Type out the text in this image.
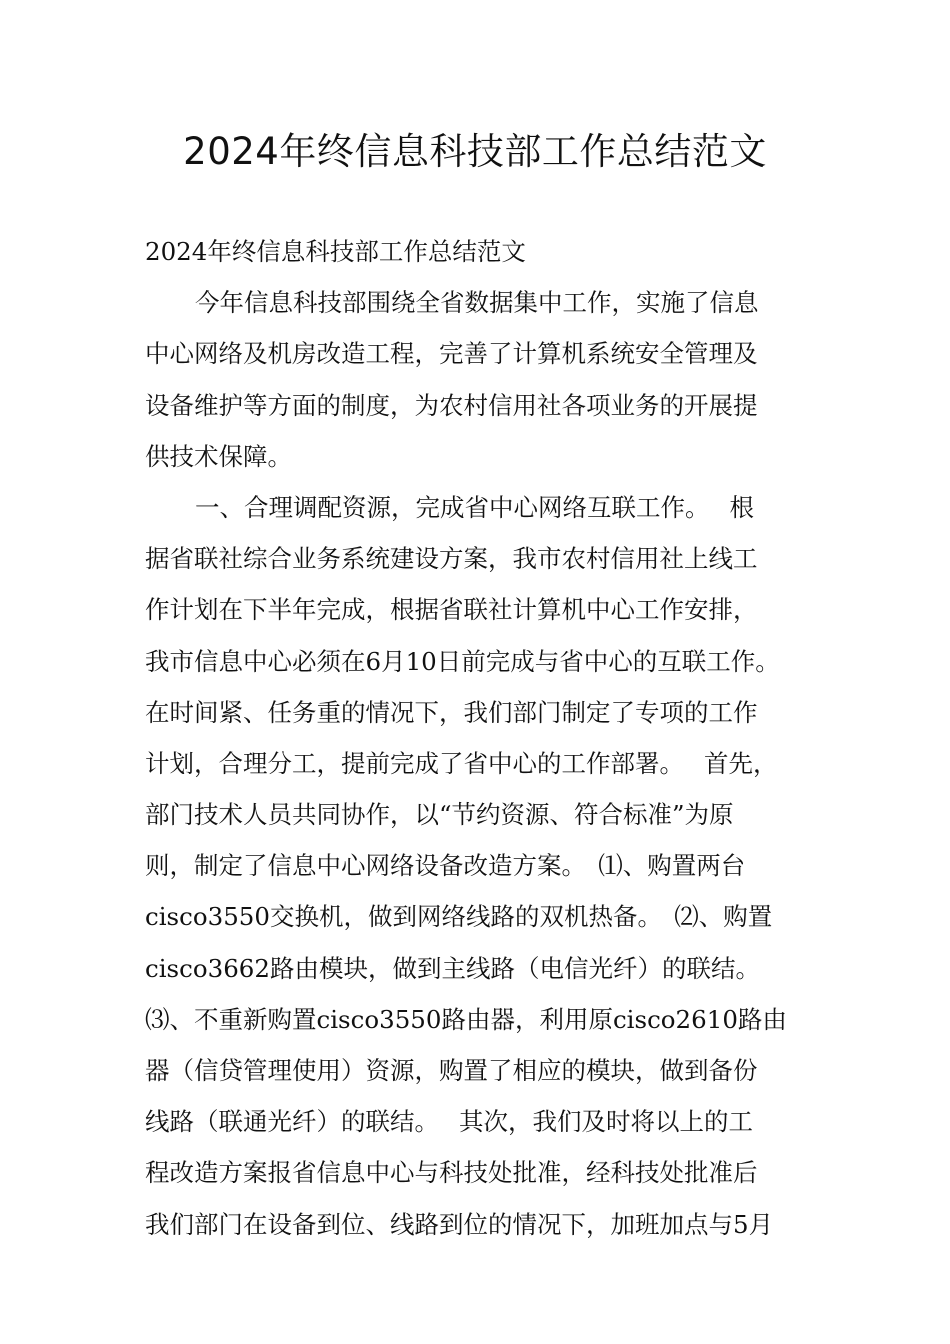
2024年终信息科技部工作总结范文
2024年终信息科技部工作总结范文
今年信息科技部围绕全省数据集中工作，实施了信息
中心网络及机房改造工程，完善了计算机系统安全管理及
设备维护等方面的制度，为农村信用社各项业务的开展提
供技术保障。
一、合理调配资源，完成省中心网络互联工作。　 根
据省联社综合业务系统建设方案，我市农村信用社上线工
作计划在下半年完成，根据省联社计算机中心工作安排，
我市信息中心必须在6月10日前完成与省中心的互联工作。
在时间紧、任务重的情况下，我们部门制定了专项的工作
计划，合理分工，提前完成了省中心的工作部署。　 首先，
部门技术人员共同协作，以“节约资源、符合标准”为原
则，制定了信息中心网络设备改造方案。　⑴、购置两台
cisco3550交换机，做到网络线路的双机热备。　⑵、购置
cisco3662路由模块，做到主线路（电信光纤）的联结。
⑶、不重新购置cisco3550路由器，利用原cisco2610路由
器（信贷管理使用）资源，购置了相应的模块，做到备份
线路（联通光纤）的联结。　 其次，我们及时将以上的工
程改造方案报省信息中心与科技处批准，经科技处批准后
我们部门在设备到位、线路到位的情况下，加班加点与5月
